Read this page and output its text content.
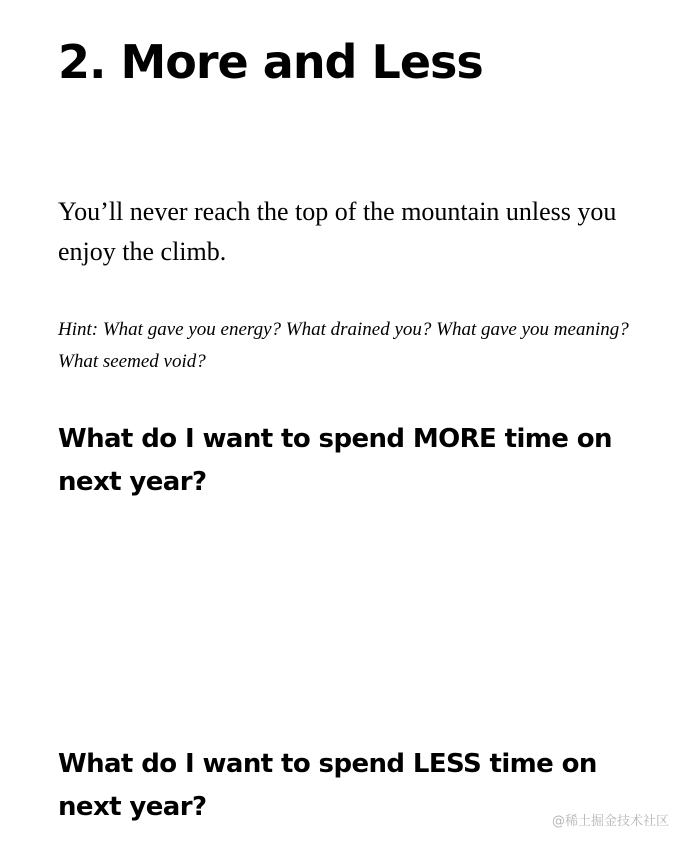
2. More and Less

You’ll never reach the top of the mountain unless you enjoy the climb.

Hint: What gave you energy? What drained you? What gave you meaning? What seemed void?

What do I want to spend MORE time on next year?
What do I want to spend LESS time on next year?	@稀土掘金技术社区
